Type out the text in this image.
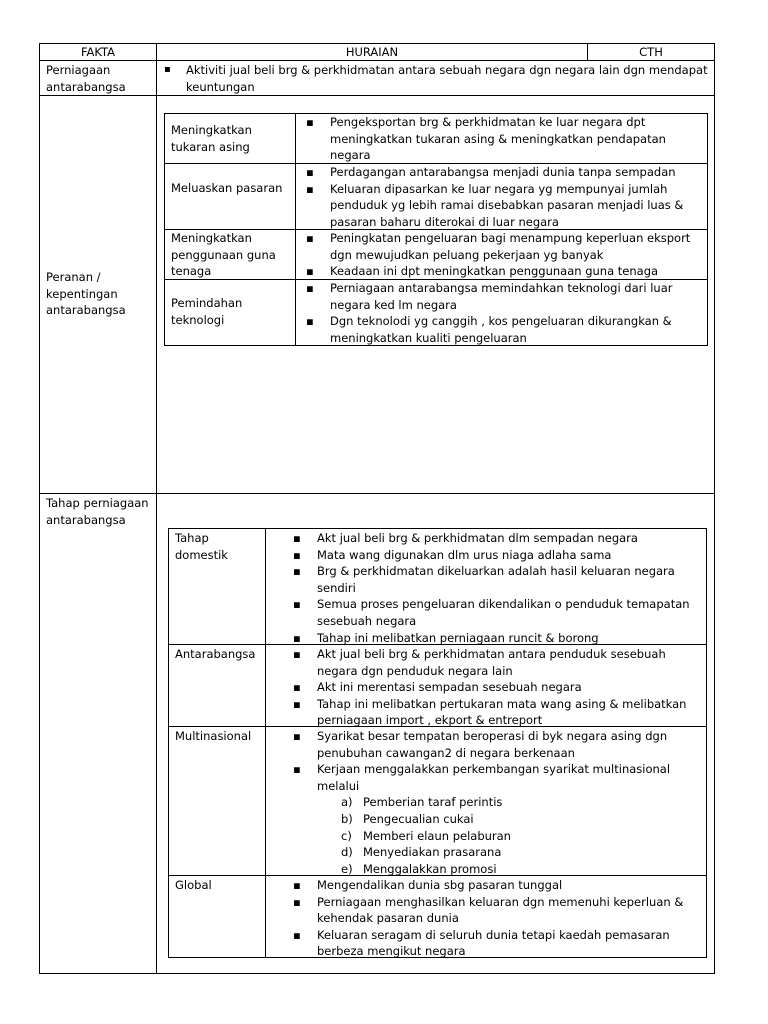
FAKTA	HURAIAN	CTH
Perniagaan antarabangsa
▪ Aktiviti jual beli brg & perkhidmatan antara sebuah negara dgn negara lain dgn mendapat keuntungan
Peranan / kepentingan antarabangsa
Meningkatkan tukaran asing
▪	Pengeksportan brg & perkhidmatan ke luar negara dpt meningkatkan tukaran asing & meningkatkan pendapatan negara
Meluaskan pasaran
▪	Perdagangan antarabangsa menjadi dunia tanpa sempadan
▪	Keluaran dipasarkan ke luar negara yg mempunyai jumlah penduduk yg lebih ramai disebabkan pasaran menjadi luas & pasaran baharu diterokai di luar negara
Meningkatkan penggunaan guna tenaga
▪	Peningkatan pengeluaran bagi menampung keperluan eksport dgn mewujudkan peluang pekerjaan yg banyak
▪	Keadaan ini dpt meningkatkan penggunaan guna tenaga
Pemindahan teknologi
▪	Perniagaan antarabangsa memindahkan teknologi dari luar negara ked lm negara
▪	Dgn teknolodi yg canggih , kos pengeluaran dikurangkan & meningkatkan kualiti pengeluaran
Tahap perniagaan antarabangsa
Tahap domestik
▪	Akt jual beli brg & perkhidmatan dlm sempadan negara
▪	Mata wang digunakan dlm urus niaga adlaha sama
▪	Brg & perkhidmatan dikeluarkan adalah hasil keluaran negara sendiri
▪	Semua proses pengeluaran dikendalikan o penduduk temapatan sesebuah negara
▪	Tahap ini melibatkan perniagaan runcit & borong
Antarabangsa	▪	Akt jual beli brg & perkhidmatan antara penduduk sesebuah negara dgn penduduk negara lain
▪	Akt ini merentasi sempadan sesebuah negara
▪	Tahap ini melibatkan pertukaran mata wang asing & melibatkan perniagaan import , ekport & entreport
Multinasional	▪	Syarikat besar tempatan beroperasi di byk negara asing dgn penubuhan cawangan2 di negara berkenaan
▪	Kerjaan menggalakkan perkembangan syarikat multinasional melalui
a) Pemberian taraf perintis
b) Pengecualian cukai
c) Memberi elaun pelaburan
d) Menyediakan prasarana
e) Menggalakkan promosi
Global	▪	Mengendalikan dunia sbg pasaran tunggal
▪	Perniagaan menghasilkan keluaran dgn memenuhi keperluan & kehendak pasaran dunia
▪	Keluaran seragam di seluruh dunia tetapi kaedah pemasaran berbeza mengikut negara
